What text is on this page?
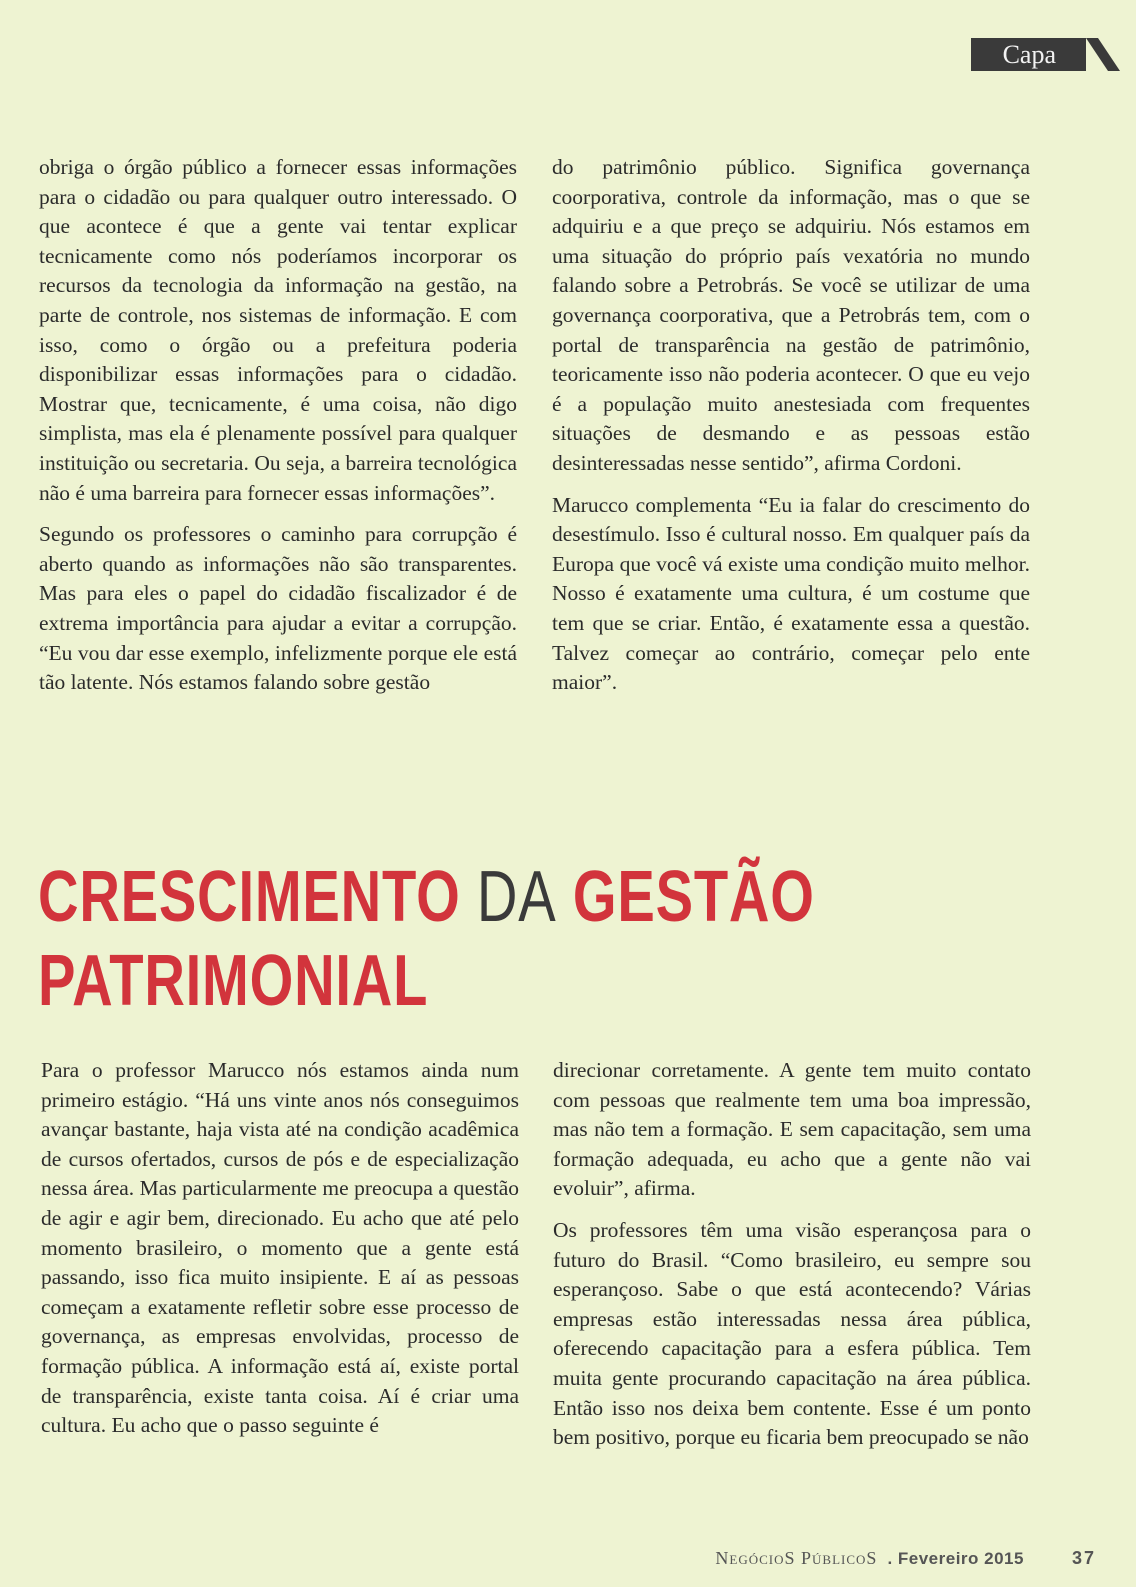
Capa

obriga o órgão público a fornecer essas informações para o cidadão ou para qualquer outro interessado. O que acontece é que a gente vai tentar explicar tecnicamente como nós poderíamos incorporar os recursos da tecnologia da informação na gestão, na parte de controle, nos sistemas de informação. E com isso, como o órgão ou a prefeitura poderia disponibilizar essas informações para o cidadão. Mostrar que, tecnicamente, é uma coisa, não digo simplista, mas ela é plenamente possível para qualquer instituição ou secretaria. Ou seja, a barreira tecnológica não é uma barreira para fornecer essas informações”.

Segundo os professores o caminho para corrupção é aberto quando as informações não são transparentes. Mas para eles o papel do cidadão fiscalizador é de extrema importância para ajudar a evitar a corrupção. “Eu vou dar esse exemplo, infelizmente porque ele está tão latente. Nós estamos falando sobre gestão

do patrimônio público. Significa governança coorporativa, controle da informação, mas o que se adquiriu e a que preço se adquiriu. Nós estamos em uma situação do próprio país vexatória no mundo falando sobre a Petrobrás. Se você se utilizar de uma governança coorporativa, que a Petrobrás tem, com o portal de transparência na gestão de patrimônio, teoricamente isso não poderia acontecer. O que eu vejo é a população muito anestesiada com frequentes situações de desmando e as pessoas estão desinteressadas nesse sentido”, afirma Cordoni.

Marucco complementa “Eu ia falar do crescimento do desestímulo. Isso é cultural nosso. Em qualquer país da Europa que você vá existe uma condição muito melhor. Nosso é exatamente uma cultura, é um costume que tem que se criar. Então, é exatamente essa a questão. Talvez começar ao contrário, começar pelo ente maior”.

CRESCIMENTO DA GESTÃO
PATRIMONIAL

Para o professor Marucco nós estamos ainda num primeiro estágio. “Há uns vinte anos nós conseguimos avançar bastante, haja vista até na condição acadêmica de cursos ofertados, cursos de pós e de especialização nessa área. Mas particularmente me preocupa a questão de agir e agir bem, direcionado. Eu acho que até pelo momento brasileiro, o momento que a gente está passando, isso fica muito insipiente. E aí as pessoas começam a exatamente refletir sobre esse processo de governança, as empresas envolvidas, processo de formação pública. A informação está aí, existe portal de transparência, existe tanta coisa. Aí é criar uma cultura. Eu acho que o passo seguinte é

direcionar corretamente. A gente tem muito contato com pessoas que realmente tem uma boa impressão, mas não tem a formação. E sem capacitação, sem uma formação adequada, eu acho que a gente não vai evoluir”, afirma.

Os professores têm uma visão esperançosa para o futuro do Brasil. “Como brasileiro, eu sempre sou esperançoso. Sabe o que está acontecendo? Várias empresas estão interessadas nessa área pública, oferecendo capacitação para a esfera pública. Tem muita gente procurando capacitação na área pública. Então isso nos deixa bem contente. Esse é um ponto bem positivo, porque eu ficaria bem preocupado se não

NegócioS PúblicoS . Fevereiro 2015	37
